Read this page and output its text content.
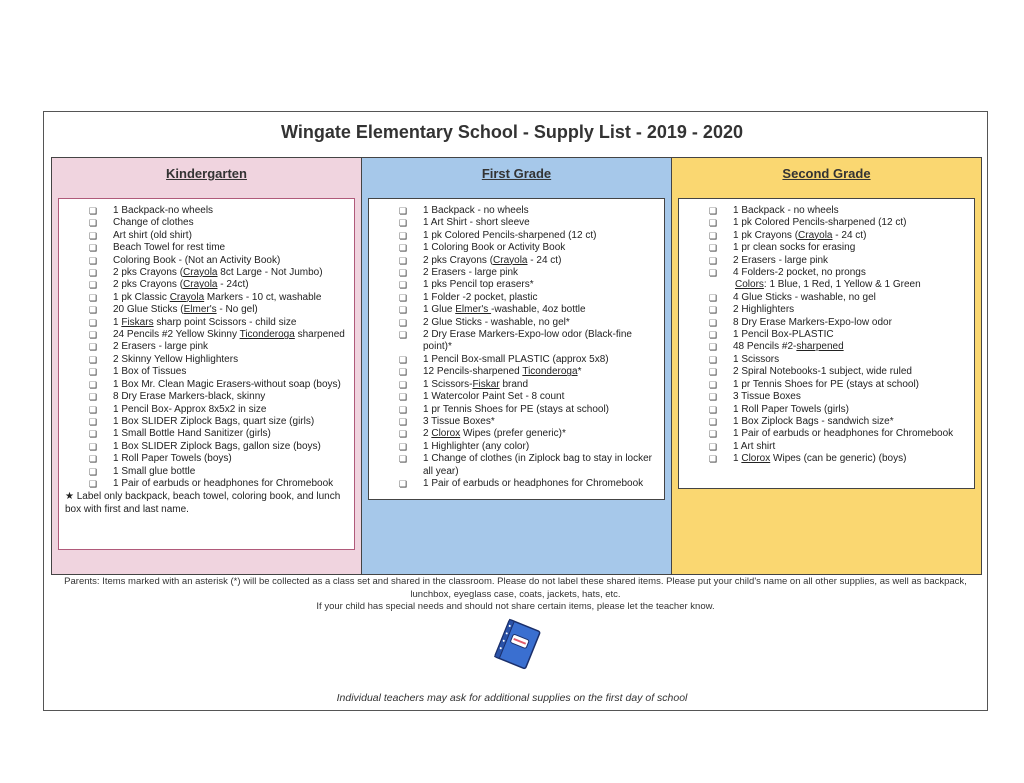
Wingate Elementary School - Supply List - 2019 - 2020
Kindergarten
❏ 1 Backpack-no wheels
❏ Change of clothes
❏ Art shirt (old shirt)
❏ Beach Towel for rest time
❏ Coloring Book - (Not an Activity Book)
❏ 2 pks Crayons (Crayola 8ct Large - Not Jumbo)
❏ 2 pks Crayons (Crayola - 24ct)
❏ 1 pk Classic Crayola Markers - 10 ct, washable
❏ 20 Glue Sticks (Elmer's - No gel)
❏ 1 Fiskars sharp point Scissors - child size
❏ 24 Pencils #2 Yellow Skinny Ticonderoga sharpened
❏ 2 Erasers - large pink
❏ 2 Skinny Yellow Highlighters
❏ 1 Box of Tissues
❏ 1 Box Mr. Clean Magic Erasers-without soap (boys)
❏ 8 Dry Erase Markers-black, skinny
❏ 1 Pencil Box- Approx 8x5x2 in size
❏ 1 Box SLIDER Ziplock Bags, quart size (girls)
❏ 1 Small Bottle Hand Sanitizer (girls)
❏ 1 Box SLIDER Ziplock Bags, gallon size (boys)
❏ 1 Roll Paper Towels (boys)
❏ 1 Small glue bottle
❏ 1 Pair of earbuds or headphones for Chromebook
★ Label only backpack, beach towel, coloring book, and lunch box with first and last name.
First Grade
❏ 1 Backpack - no wheels
❏ 1 Art Shirt - short sleeve
❏ 1 pk Colored Pencils-sharpened (12 ct)
❏ 1 Coloring Book or Activity Book
❏ 2 pks Crayons (Crayola - 24 ct)
❏ 2 Erasers - large pink
❏ 1 pks Pencil top erasers*
❏ 1 Folder -2 pocket, plastic
❏ 1 Glue Elmer's -washable, 4oz bottle
❏ 2 Glue Sticks - washable, no gel*
❏ 2 Dry Erase Markers-Expo-low odor (Black-fine point)*
❏ 1 Pencil Box-small PLASTIC (approx 5x8)
❏ 12 Pencils-sharpened Ticonderoga*
❏ 1 Scissors-Fiskar brand
❏ 1 Watercolor Paint Set - 8 count
❏ 1 pr Tennis Shoes for PE (stays at school)
❏ 3 Tissue Boxes*
❏ 2 Clorox Wipes (prefer generic)*
❏ 1 Highlighter (any color)
❏ 1 Change of clothes (in Ziplock bag to stay in locker all year)
❏ 1 Pair of earbuds or headphones for Chromebook
Second Grade
❏ 1 Backpack - no wheels
❏ 1 pk Colored Pencils-sharpened (12 ct)
❏ 1 pk Crayons (Crayola - 24 ct)
❏ 1 pr clean socks for erasing
❏ 2 Erasers - large pink
❏ 4 Folders-2 pocket, no prongs
Colors: 1 Blue, 1 Red, 1 Yellow & 1 Green
❏ 4 Glue Sticks - washable, no gel
❏ 2 Highlighters
❏ 8 Dry Erase Markers-Expo-low odor
❏ 1 Pencil Box-PLASTIC
❏ 48 Pencils #2-sharpened
❏ 1 Scissors
❏ 2 Spiral Notebooks-1 subject, wide ruled
❏ 1 pr Tennis Shoes for PE (stays at school)
❏ 3 Tissue Boxes
❏ 1 Roll Paper Towels (girls)
❏ 1 Box Ziplock Bags - sandwich size*
❏ 1 Pair of earbuds or headphones for Chromebook
❏ 1 Art shirt
❏ 1 Clorox Wipes (can be generic) (boys)
Parents: Items marked with an asterisk (*) will be collected as a class set and shared in the classroom. Please do not label these shared items. Please put your child's name on all other supplies, as well as backpack, lunchbox, eyeglass case, coats, jackets, hats, etc.
If your child has special needs and should not share certain items, please let the teacher know.
Individual teachers may ask for additional supplies on the first day of school
